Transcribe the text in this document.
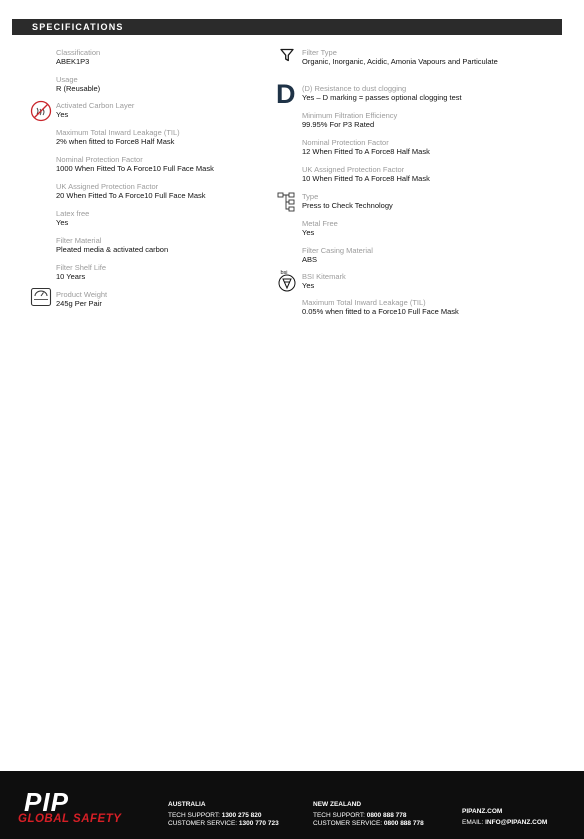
SPECIFICATIONS
Classification
ABEK1P3
Usage
R (Reusable)
Activated Carbon Layer
Yes
Maximum Total Inward Leakage (TIL)
2% when fitted to Force8 Half Mask
Nominal Protection Factor
1000 When Fitted To A Force10 Full Face Mask
UK Assigned Protection Factor
20 When Fitted To A Force10 Full Face Mask
Latex free
Yes
Filter Material
Pleated media & activated carbon
Filter Shelf Life
10 Years
Product Weight
245g Per Pair
Filter Type
Organic, Inorganic, Acidic, Amonia Vapours and Particulate
D (D) Resistance to dust clogging
Yes – D marking = passes optional clogging test
Minimum Filtration Efficiency
99.95% For P3 Rated
Nominal Protection Factor
12 When Fitted To A Force8 Half Mask
UK Assigned Protection Factor
10 When Fitted To A Force8 Half Mask
Type
Press to Check Technology
Metal Free
Yes
Filter Casing Material
ABS
bsi BSI Kitemark
Yes
Maximum Total Inward Leakage (TIL)
0.05% when fitted to a Force10 Full Face Mask
PIP
GLOBAL SAFETY
AUSTRALIA
TECH SUPPORT: 1300 275 820
CUSTOMER SERVICE: 1300 770 723
NEW ZEALAND
TECH SUPPORT: 0800 888 778
CUSTOMER SERVICE: 0800 888 778
PIPANZ.COM
EMAIL: INFO@PIPANZ.COM
